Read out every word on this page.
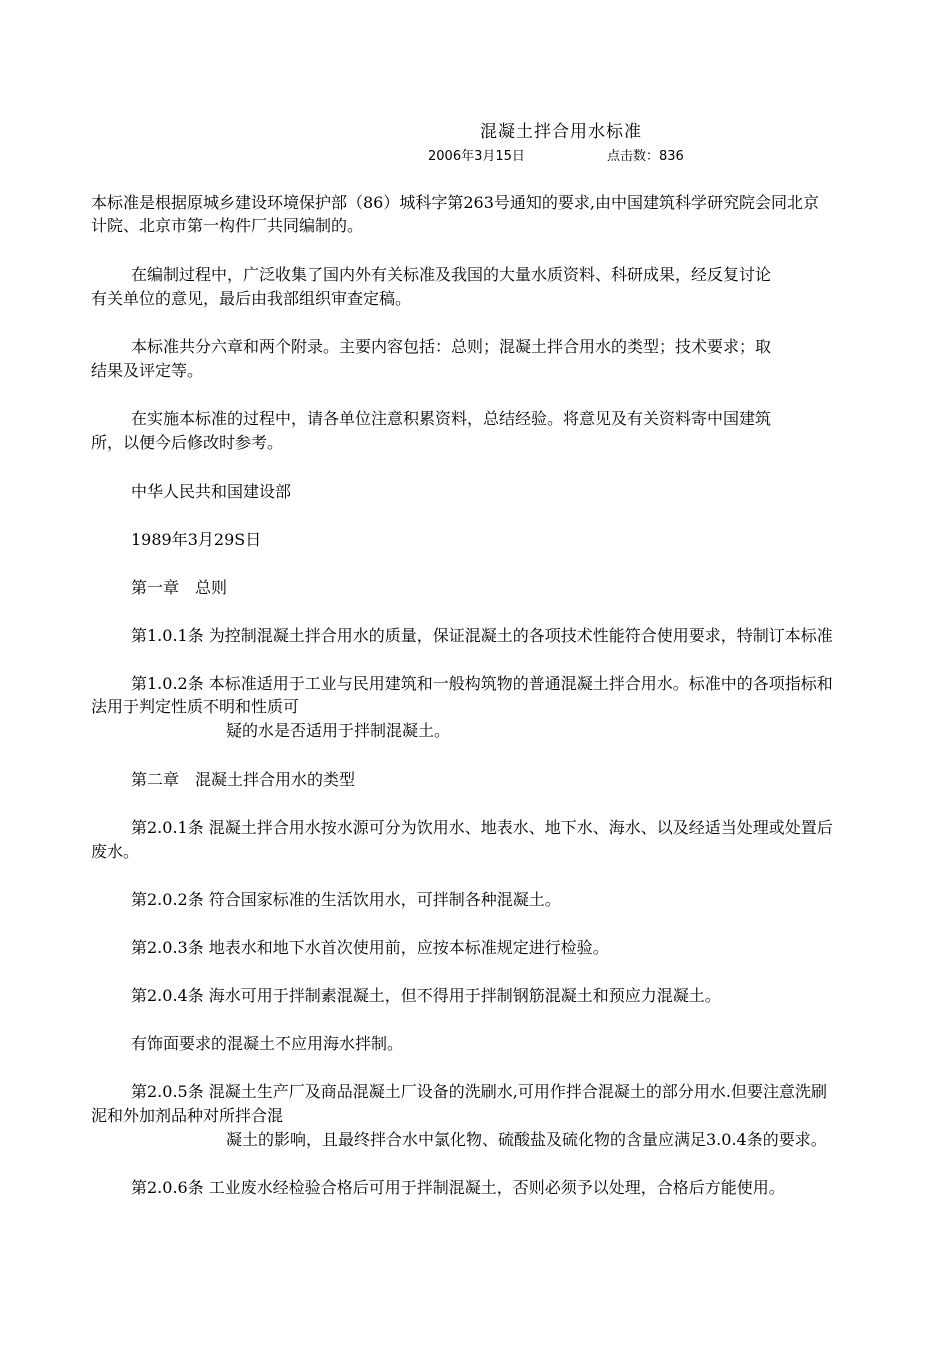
混凝土拌合用水标准
2006年3月15日	点击数：836
本标准是根据原城乡建设环境保护部（86）城科字第263号通知的要求,由中国建筑科学研究院会同北京
计院、北京市第一构件厂共同编制的。
在编制过程中，广泛收集了国内外有关标准及我国的大量水质资料、科研成果，经反复讨论
有关单位的意见，最后由我部组织审查定稿。
本标准共分六章和两个附录。主要内容包括：总则；混凝土拌合用水的类型；技术要求；取
结果及评定等。
在实施本标准的过程中，请各单位注意积累资料，总结经验。将意见及有关资料寄中国建筑
所，以便今后修改时参考。
中华人民共和国建设部
1989年3月29S日
第一章　总则
第1.0.1条 为控制混凝土拌合用水的质量，保证混凝土的各项技术性能符合使用要求，特制订本标准
第1.0.2条 本标准适用于工业与民用建筑和一般构筑物的普通混凝土拌合用水。标准中的各项指标和
法用于判定性质不明和性质可
疑的水是否适用于拌制混凝土。
第二章　混凝土拌合用水的类型
第2.0.1条 混凝土拌合用水按水源可分为饮用水、地表水、地下水、海水、以及经适当处理或处置后
废水。
第2.0.2条 符合国家标准的生活饮用水，可拌制各种混凝土。
第2.0.3条 地表水和地下水首次使用前，应按本标准规定进行检验。
第2.0.4条 海水可用于拌制素混凝土，但不得用于拌制钢筋混凝土和预应力混凝土。
有饰面要求的混凝土不应用海水拌制。
第2.0.5条 混凝土生产厂及商品混凝土厂设备的洗刷水,可用作拌合混凝土的部分用水.但要注意洗刷
泥和外加剂品种对所拌合混
凝土的影响，且最终拌合水中氯化物、硫酸盐及硫化物的含量应满足3.0.4条的要求。
第2.0.6条 工业废水经检验合格后可用于拌制混凝土，否则必须予以处理，合格后方能使用。
